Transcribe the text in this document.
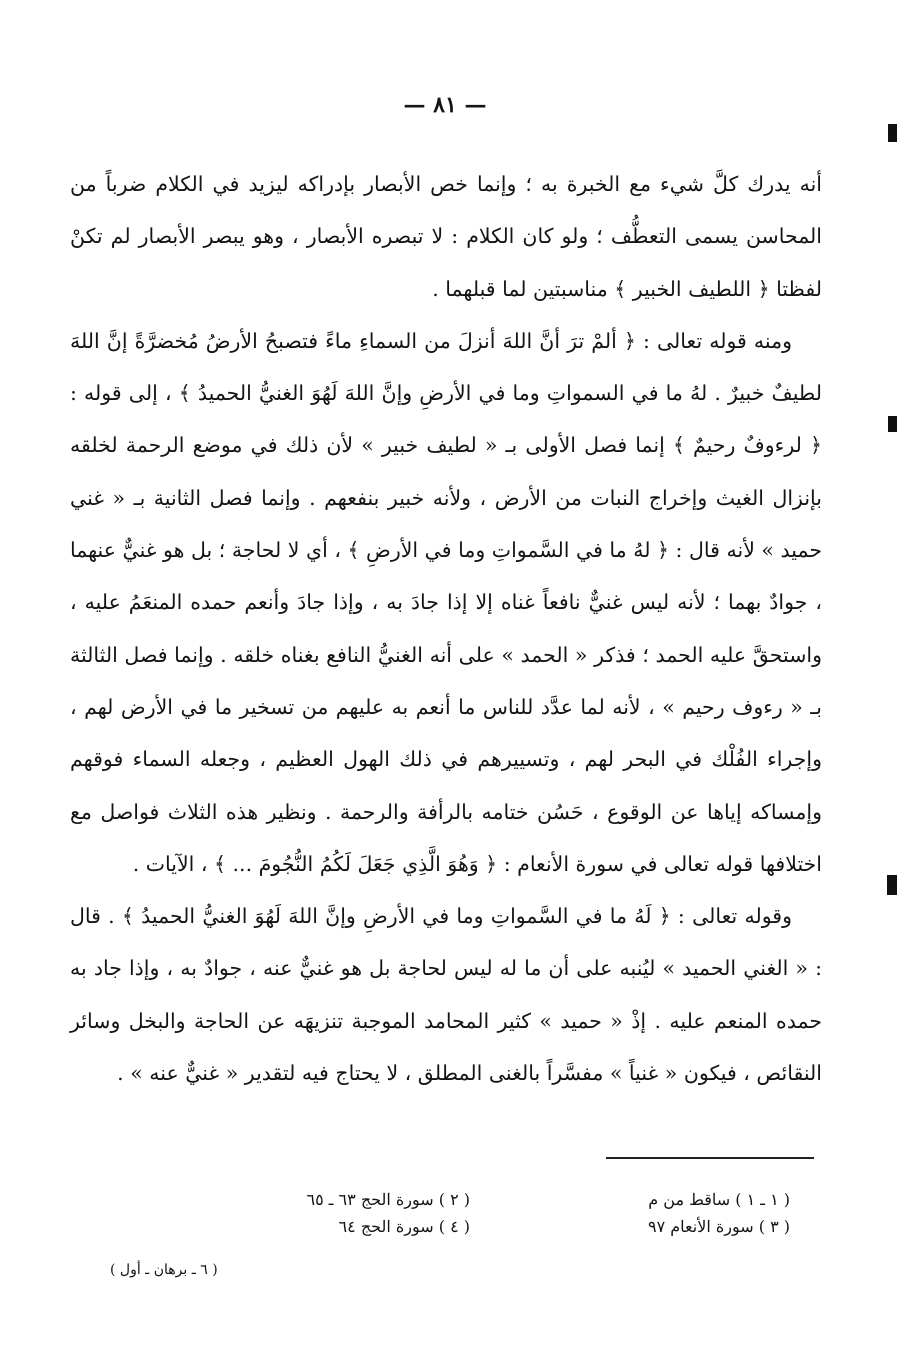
— ٨١ —

أنه يدرك كلَّ شيء مع الخبرة به ؛ وإنما خص الأبصار بإدراكه ليزيد في الكلام ضرباً من المحاسن يسمى التعطُّف ؛ ولو كان الكلام : لا تبصره الأبصار ، وهو يبصر الأبصار لم تكنْ لفظتا ﴿ اللطيف الخبير ﴾ مناسبتين لما قبلهما .

ومنه قوله تعالى : ﴿ ألمْ ترَ أنَّ اللهَ أنزلَ من السماءِ ماءً فتصبحُ الأرضُ مُخضرَّةً إنَّ اللهَ لطيفٌ خبيرٌ . لهُ ما في السمواتِ وما في الأرضِ وإنَّ اللهَ لَهُوَ الغنيُّ الحميدُ ﴾ ، إلى قوله : ﴿ لرءوفٌ رحيمٌ ﴾ إنما فصل الأولى بـ « لطيف خبير » لأن ذلك في موضع الرحمة لخلقه بإنزال الغيث وإخراج النبات من الأرض ، ولأنه خبير بنفعهم . وإنما فصل الثانية بـ « غني حميد » لأنه قال : ﴿ لهُ ما في السَّمواتِ وما في الأرضِ ﴾ ، أي لا لحاجة ؛ بل هو غنيٌّ عنهما ، جوادٌ بهما ؛ لأنه ليس غنيٌّ نافعاً غناه إلا إذا جادَ به ، وإذا جادَ وأنعم حمده المنعَمُ عليه ، واستحقَّ عليه الحمد ؛ فذكر « الحمد » على أنه الغنيُّ النافع بغناه خلقه . وإنما فصل الثالثة بـ « رءوف رحيم » ، لأنه لما عدَّد للناس ما أنعم به عليهم من تسخير ما في الأرض لهم ، وإجراء الفُلْك في البحر لهم ، وتسييرهم في ذلك الهول العظيم ، وجعله السماء فوقهم وإمساكه إياها عن الوقوع ، حَسُن ختامه بالرأفة والرحمة . ونظير هذه الثلاث فواصل مع اختلافها قوله تعالى في سورة الأنعام : ﴿ وَهُوَ الَّذِي جَعَلَ لَكُمُ النُّجُومَ ... ﴾ ، الآيات .

وقوله تعالى : ﴿ لَهُ ما في السَّمواتِ وما في الأرضِ وإنَّ اللهَ لَهُوَ الغنيُّ الحميدُ ﴾ . قال : « الغني الحميد » ليُنبه على أن ما له ليس لحاجة بل هو غنيٌّ عنه ، جوادٌ به ، وإذا جاد به حمده المنعم عليه . إذْ « حميد » كثير المحامد الموجبة تنزيهَه عن الحاجة والبخل وسائر النقائص ، فيكون « غنياً » مفسَّراً بالغنى المطلق ، لا يحتاج فيه لتقدير « غنيٌّ عنه » .

( ١ ـ ١ ) ساقط من م
( ٢ ) سورة الحج ٦٣ ـ ٦٥
( ٣ ) سورة الأنعام ٩٧
( ٤ ) سورة الحج ٦٤
( ٦ ـ برهان ـ أول )
